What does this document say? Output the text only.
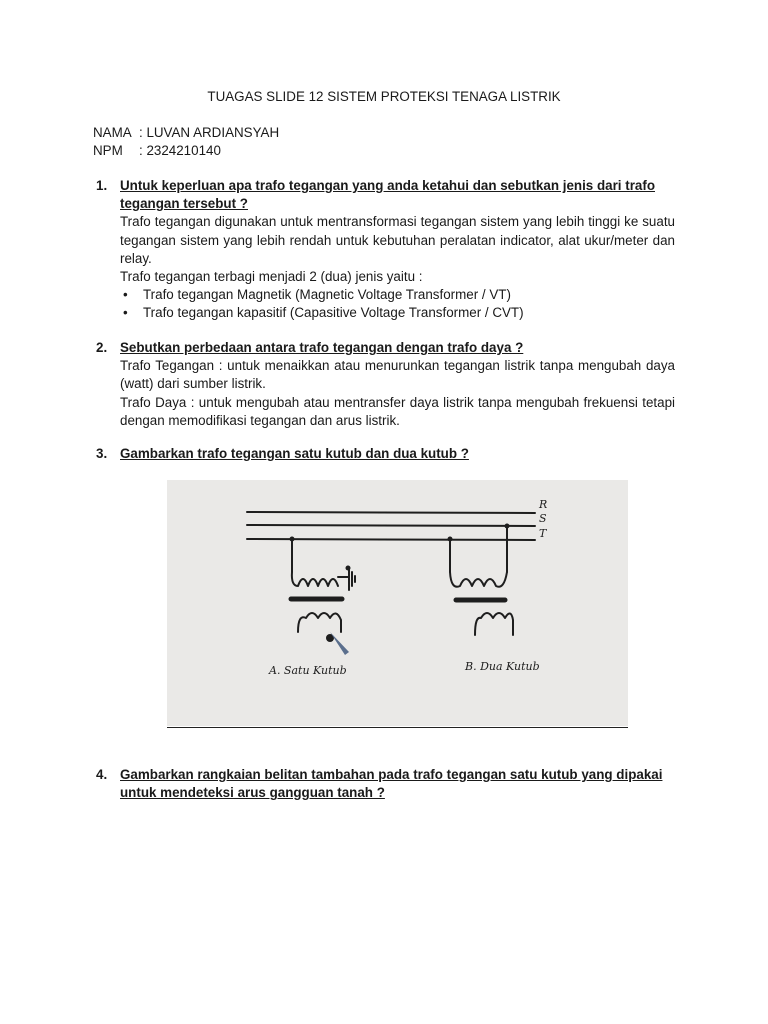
TUAGAS SLIDE 12 SISTEM PROTEKSI TENAGA LISTRIK
NAMA : LUVAN ARDIANSYAH
NPM : 2324210140
1. Untuk keperluan apa trafo tegangan yang anda ketahui dan sebutkan jenis dari trafo tegangan tersebut ?
Trafo tegangan digunakan untuk mentransformasi tegangan sistem yang lebih tinggi ke suatu tegangan sistem yang lebih rendah untuk kebutuhan peralatan indicator, alat ukur/meter dan relay.
Trafo tegangan terbagi menjadi 2 (dua) jenis yaitu :
• Trafo tegangan Magnetik (Magnetic Voltage Transformer / VT)
• Trafo tegangan kapasitif (Capasitive Voltage Transformer / CVT)
2. Sebutkan perbedaan antara trafo tegangan dengan trafo daya ?
Trafo Tegangan : untuk menaikkan atau menurunkan tegangan listrik tanpa mengubah daya (watt) dari sumber listrik.
Trafo Daya : untuk mengubah atau mentransfer daya listrik tanpa mengubah frekuensi tetapi dengan memodifikasi tegangan dan arus listrik.
3. Gambarkan trafo tegangan satu kutub dan dua kutub ?
R
S
T
A. Satu Kutub	B. Dua Kutub
4. Gambarkan rangkaian belitan tambahan pada trafo tegangan satu kutub yang dipakai untuk mendeteksi arus gangguan tanah ?
